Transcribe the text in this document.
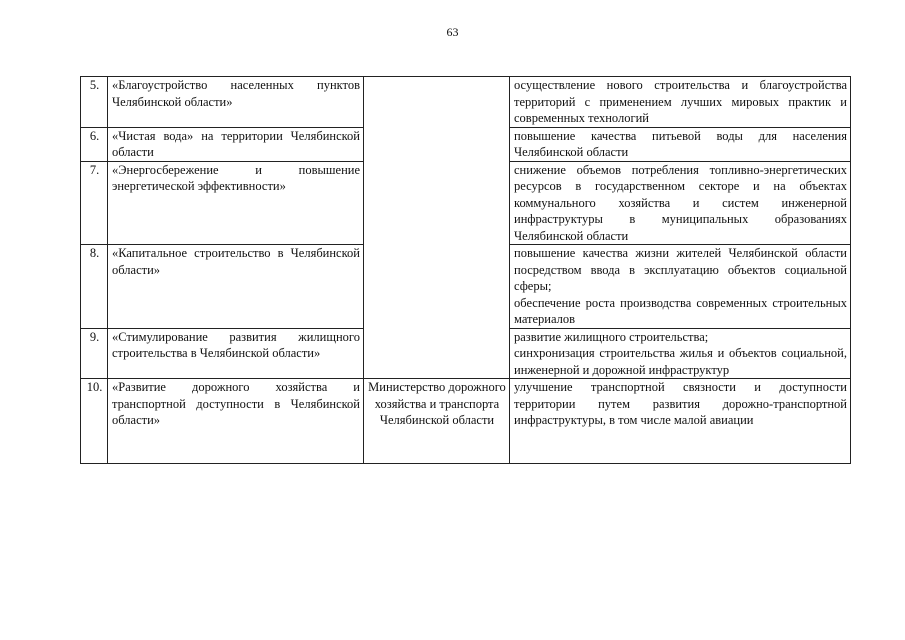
63
5.	«Благоустройство населенных пунктов Челябинской области»		осуществление нового строительства и благоустройства территорий с применением лучших мировых практик и современных технологий

6.	«Чистая вода» на территории Челябинской области		повышение качества питьевой воды для населения Челябинской области

7.	«Энергосбережение и повышение энергетической эффективности»		снижение объемов потребления топливно-энергетических ресурсов в государственном секторе и на объектах коммунального хозяйства и систем инженерной инфраструктуры в муниципальных образованиях Челябинской области

8.	«Капитальное строительство в Челябинской области»		повышение качества жизни жителей Челябинской области посредством ввода в эксплуатацию объектов социальной сферы;
обеспечение роста производства современных строительных материалов

9.	«Стимулирование развития жилищного строительства в Челябинской области»		развитие жилищного строительства;
синхронизация строительства жилья и объектов социальной, инженерной и дорожной инфраструктур

10.	«Развитие дорожного хозяйства и транспортной доступности в Челябинской области»	Министерство дорожного хозяйства и транспорта Челябинской области	улучшение транспортной связности и доступности территории путем развития дорожно-транспортной инфраструктуры, в том числе малой авиации
